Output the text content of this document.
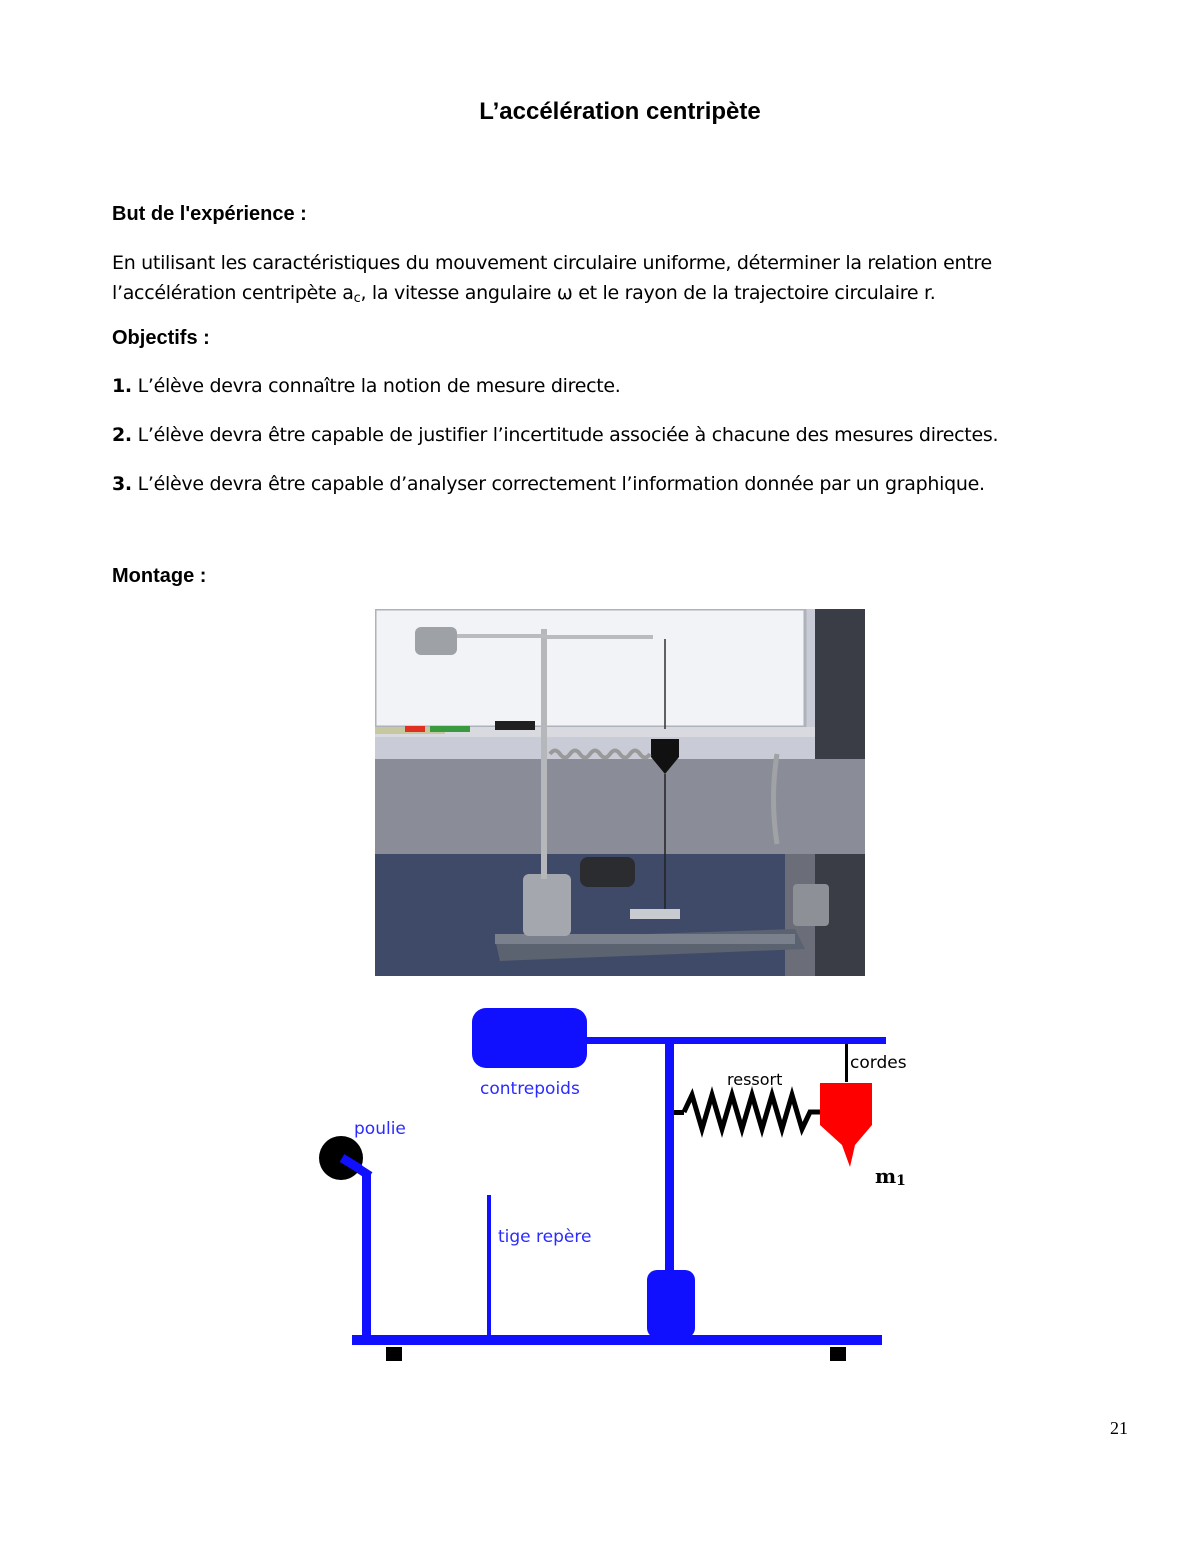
L’accélération centripète
But de l'expérience :
En utilisant les caractéristiques du mouvement circulaire uniforme, déterminer la relation entre
l’accélération centripète $a_c$, la vitesse angulaire ω et le rayon de la trajectoire circulaire r.
Objectifs :
1. L’élève devra connaître la notion de mesure directe.
2. L’élève devra être capable de justifier l’incertitude associée à chacune des mesures directes.
3. L’élève devra être capable d’analyser correctement l’information donnée par un graphique.
Montage :
contrepoids
poulie
ressort
cordes
tige repère
m1
21
